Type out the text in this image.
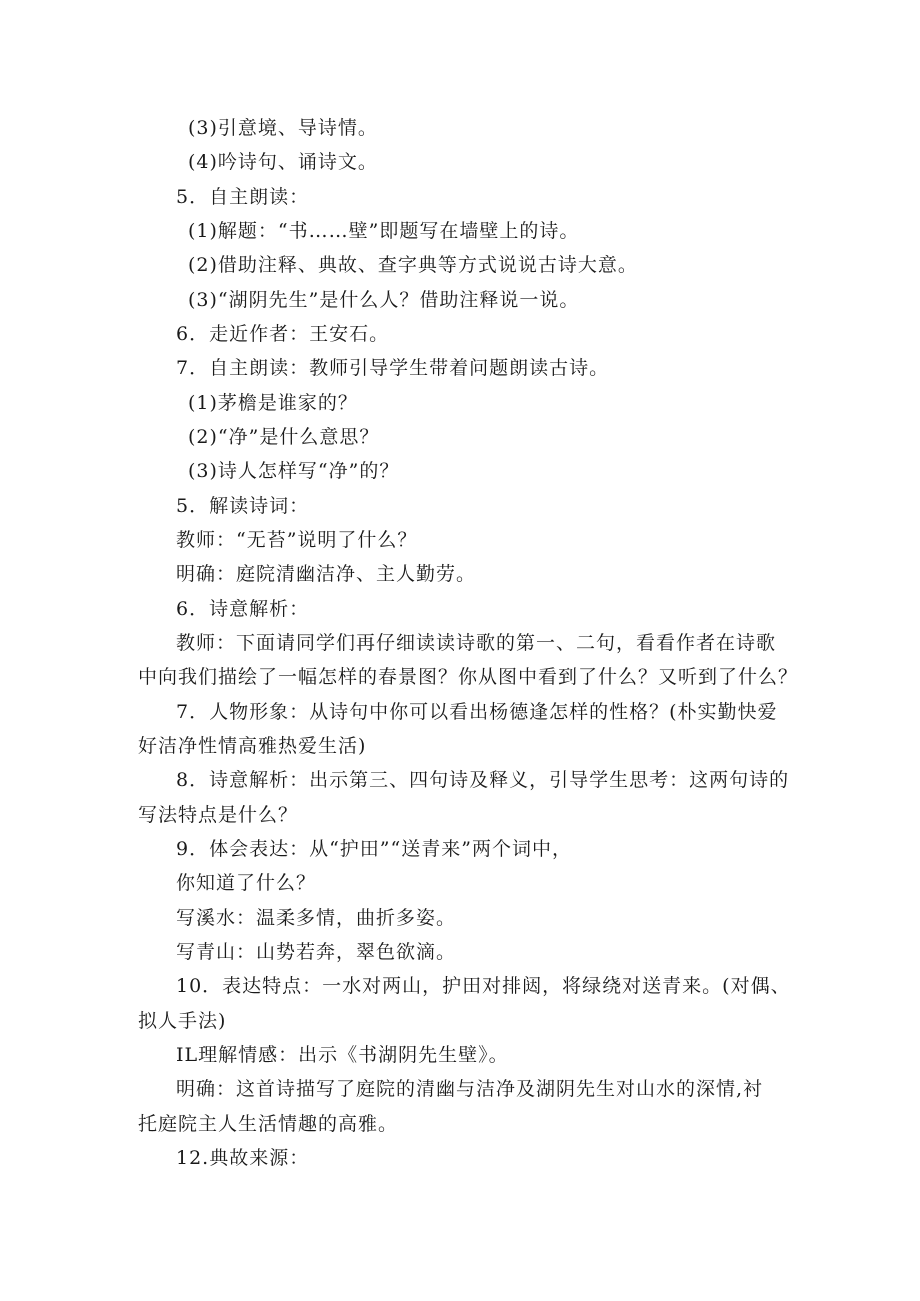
(3)引意境、导诗情。
(4)吟诗句、诵诗文。
5．自主朗读：
(1)解题：“书……壁”即题写在墙壁上的诗。
(2)借助注释、典故、查字典等方式说说古诗大意。
(3)“湖阴先生”是什么人？借助注释说一说。
6．走近作者：王安石。
7．自主朗读：教师引导学生带着问题朗读古诗。
(1)茅檐是谁家的？
(2)“净”是什么意思？
(3)诗人怎样写“净”的？
5．解读诗词：
教师：“无苔”说明了什么？
明确：庭院清幽洁净、主人勤劳。
6．诗意解析：
教师：下面请同学们再仔细读读诗歌的第一、二句，看看作者在诗歌
中向我们描绘了一幅怎样的春景图？你从图中看到了什么？又听到了什么？
7．人物形象：从诗句中你可以看出杨德逢怎样的性格？(朴实勤快爱
好洁净性情高雅热爱生活)
8．诗意解析：出示第三、四句诗及释义，引导学生思考：这两句诗的
写法特点是什么？
9．体会表达：从“护田”“送青来”两个词中，
你知道了什么？
写溪水：温柔多情，曲折多姿。
写青山：山势若奔，翠色欲滴。
10．表达特点：一水对两山，护田对排闼，将绿绕对送青来。(对偶、
拟人手法)
IL理解情感：出示《书湖阴先生壁》。
明确：这首诗描写了庭院的清幽与洁净及湖阴先生对山水的深情,衬
托庭院主人生活情趣的高雅。
12.典故来源：
